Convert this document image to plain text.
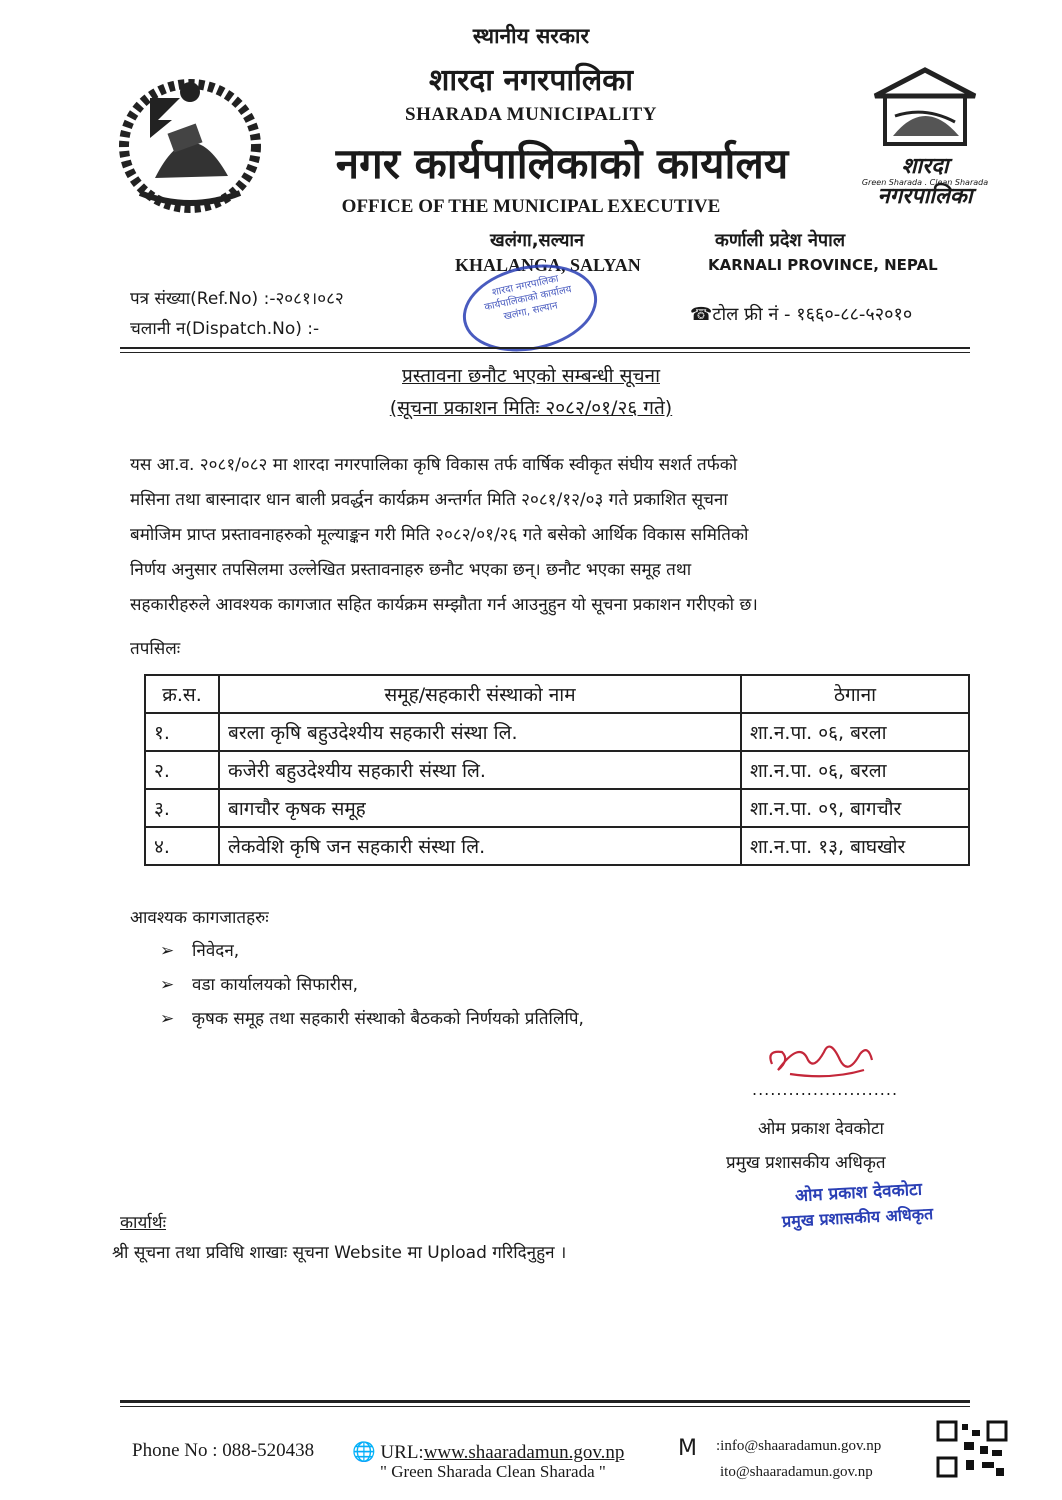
स्थानीय सरकार
शारदा नगरपालिका
SHARADA MUNICIPALITY
नगर कार्यपालिकाको कार्यालय
OFFICE OF THE MUNICIPAL EXECUTIVE
शारदा नगरपालिका
Green Sharada . Clean Sharada
खलंगा,सल्यान
KHALANGA, SALYAN
कर्णाली प्रदेश नेपाल
KARNALI PROVINCE, NEPAL
शारदा नगरपालिका कार्यपालिकाको कार्यालय खलंगा, सल्यान
पत्र संख्या(Ref.No) :-२०८१।०८२
चलानी न(Dispatch.No) :-
☎टोल फ्री नं - १६६०-८८-५२०१०
प्रस्तावना छनौट भएको सम्बन्धी सूचना
(सूचना प्रकाशन मितिः २०८२/०१/२६ गते)
यस आ.व. २०८१/०८२ मा शारदा नगरपालिका कृषि विकास तर्फ वार्षिक स्वीकृत संघीय सशर्त तर्फको
मसिना तथा बास्नादार धान बाली प्रवर्द्धन कार्यक्रम अन्तर्गत मिति २०८१/१२/०३ गते प्रकाशित सूचना
बमोजिम प्राप्त प्रस्तावनाहरुको मूल्याङ्कन गरी मिति २०८२/०१/२६ गते बसेको आर्थिक विकास समितिको
निर्णय अनुसार तपसिलमा उल्लेखित प्रस्तावनाहरु छनौट भएका छन्। छनौट भएका समूह तथा
सहकारीहरुले आवश्यक कागजात सहित कार्यक्रम सम्झौता गर्न आउनुहुन यो सूचना प्रकाशन गरीएको छ।
तपसिलः
क्र.स.	समूह/सहकारी संस्थाको नाम	ठेगाना
१.	बरला कृषि बहुउदेश्यीय सहकारी संस्था लि.	शा.न.पा. ०६, बरला
२.	कजेरी बहुउदेश्यीय सहकारी संस्था लि.	शा.न.पा. ०६, बरला
३.	बागचौर कृषक समूह	शा.न.पा. ०९, बागचौर
४.	लेकवेशि कृषि जन सहकारी संस्था लि.	शा.न.पा. १३, बाघखोर
आवश्यक कागजातहरुः
➢ निवेदन,
➢ वडा कार्यालयको सिफारीस,
➢ कृषक समूह तथा सहकारी संस्थाको बैठकको निर्णयको प्रतिलिपि,
........................
ओम प्रकाश देवकोटा
प्रमुख प्रशासकीय अधिकृत
ओम प्रकाश देवकोटा
प्रमुख प्रशासकीय अधिकृत
कार्यार्थः
श्री सूचना तथा प्रविधि शाखाः सूचना Website मा Upload गरिदिनुहुन ।
Phone No : 088-520438 🌐 URL:www.shaaradamun.gov.np
" Green Sharada Clean Sharada "
M :info@shaaradamun.gov.np
ito@shaaradamun.gov.np
